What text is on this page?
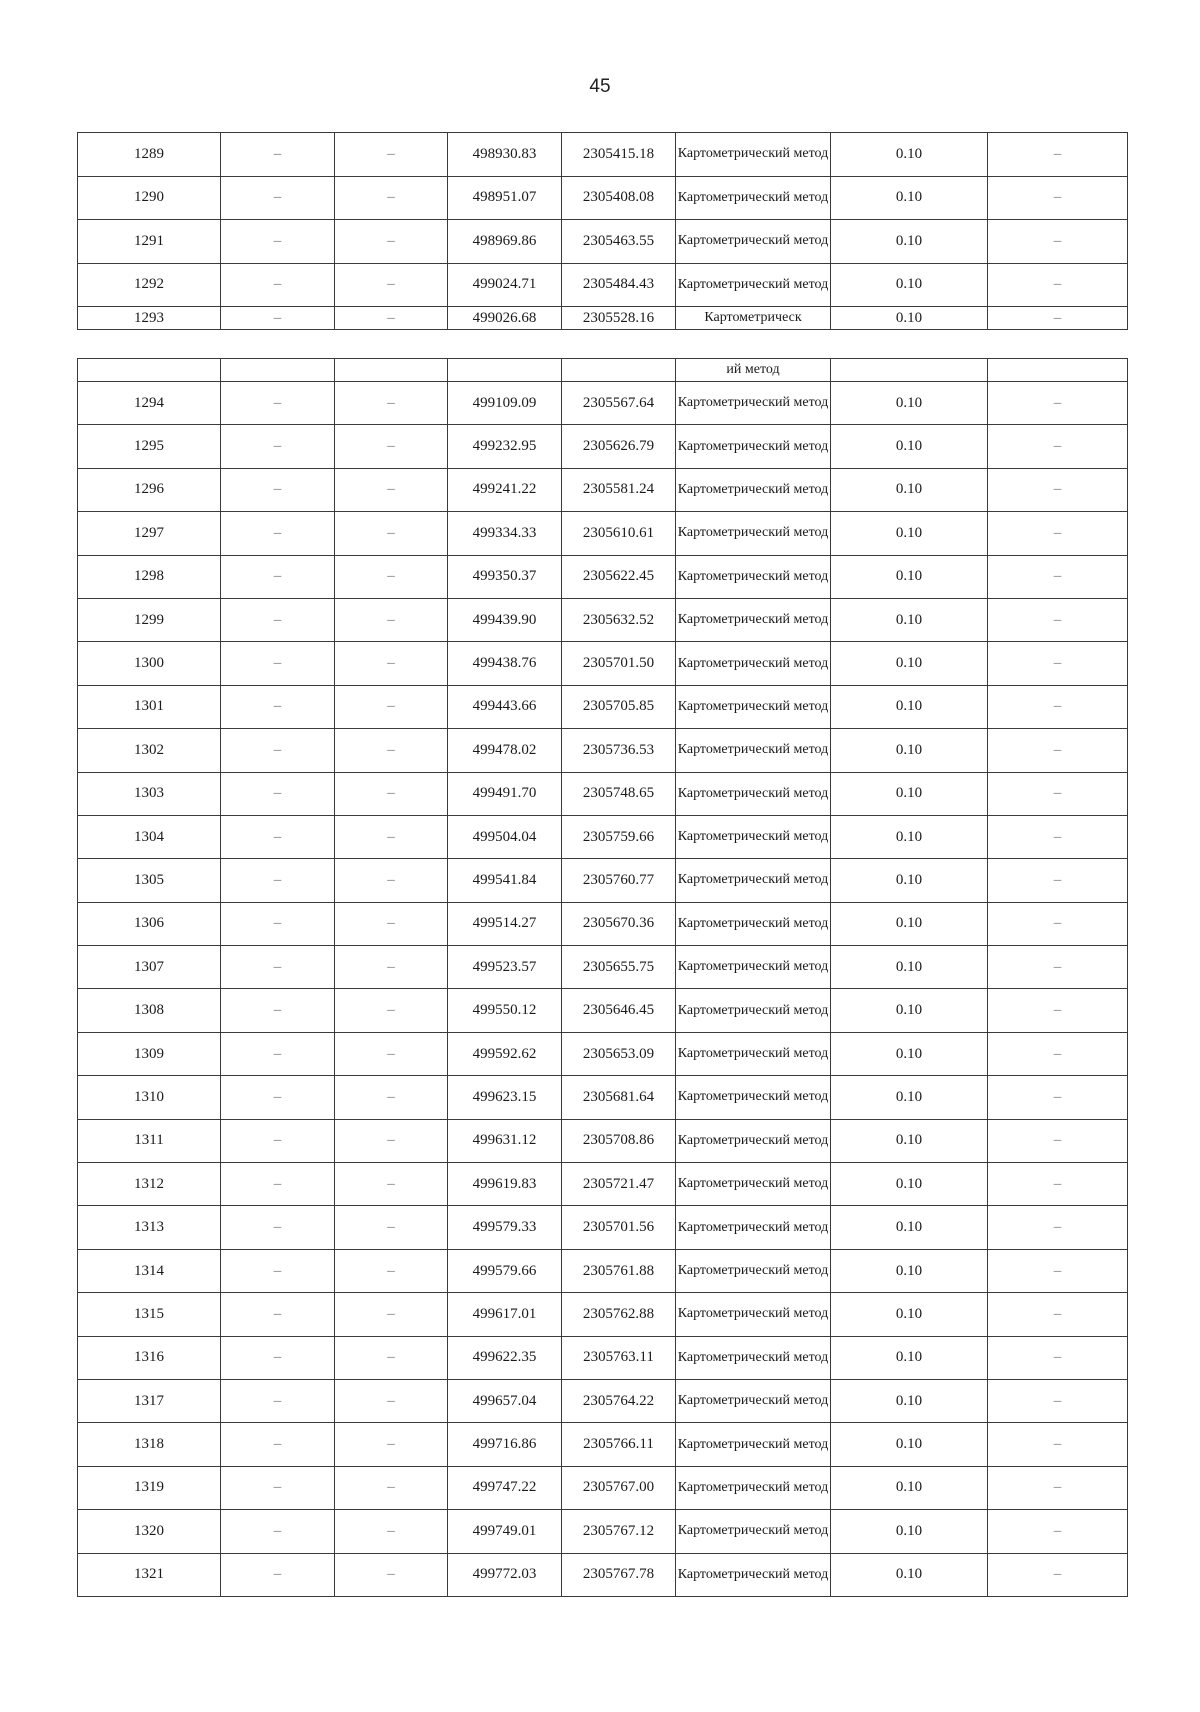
45
1289	–	–	498930.83	2305415.18	Картометрический метод	0.10	–
1290	–	–	498951.07	2305408.08	Картометрический метод	0.10	–
1291	–	–	498969.86	2305463.55	Картометрический метод	0.10	–
1292	–	–	499024.71	2305484.43	Картометрический метод	0.10	–
1293	–	–	499026.68	2305528.16	Картометрическ	0.10	–
					ий метод		
1294	–	–	499109.09	2305567.64	Картометрический метод	0.10	–
1295	–	–	499232.95	2305626.79	Картометрический метод	0.10	–
1296	–	–	499241.22	2305581.24	Картометрический метод	0.10	–
1297	–	–	499334.33	2305610.61	Картометрический метод	0.10	–
1298	–	–	499350.37	2305622.45	Картометрический метод	0.10	–
1299	–	–	499439.90	2305632.52	Картометрический метод	0.10	–
1300	–	–	499438.76	2305701.50	Картометрический метод	0.10	–
1301	–	–	499443.66	2305705.85	Картометрический метод	0.10	–
1302	–	–	499478.02	2305736.53	Картометрический метод	0.10	–
1303	–	–	499491.70	2305748.65	Картометрический метод	0.10	–
1304	–	–	499504.04	2305759.66	Картометрический метод	0.10	–
1305	–	–	499541.84	2305760.77	Картометрический метод	0.10	–
1306	–	–	499514.27	2305670.36	Картометрический метод	0.10	–
1307	–	–	499523.57	2305655.75	Картометрический метод	0.10	–
1308	–	–	499550.12	2305646.45	Картометрический метод	0.10	–
1309	–	–	499592.62	2305653.09	Картометрический метод	0.10	–
1310	–	–	499623.15	2305681.64	Картометрический метод	0.10	–
1311	–	–	499631.12	2305708.86	Картометрический метод	0.10	–
1312	–	–	499619.83	2305721.47	Картометрический метод	0.10	–
1313	–	–	499579.33	2305701.56	Картометрический метод	0.10	–
1314	–	–	499579.66	2305761.88	Картометрический метод	0.10	–
1315	–	–	499617.01	2305762.88	Картометрический метод	0.10	–
1316	–	–	499622.35	2305763.11	Картометрический метод	0.10	–
1317	–	–	499657.04	2305764.22	Картометрический метод	0.10	–
1318	–	–	499716.86	2305766.11	Картометрический метод	0.10	–
1319	–	–	499747.22	2305767.00	Картометрический метод	0.10	–
1320	–	–	499749.01	2305767.12	Картометрический метод	0.10	–
1321	–	–	499772.03	2305767.78	Картометрический метод	0.10	–
